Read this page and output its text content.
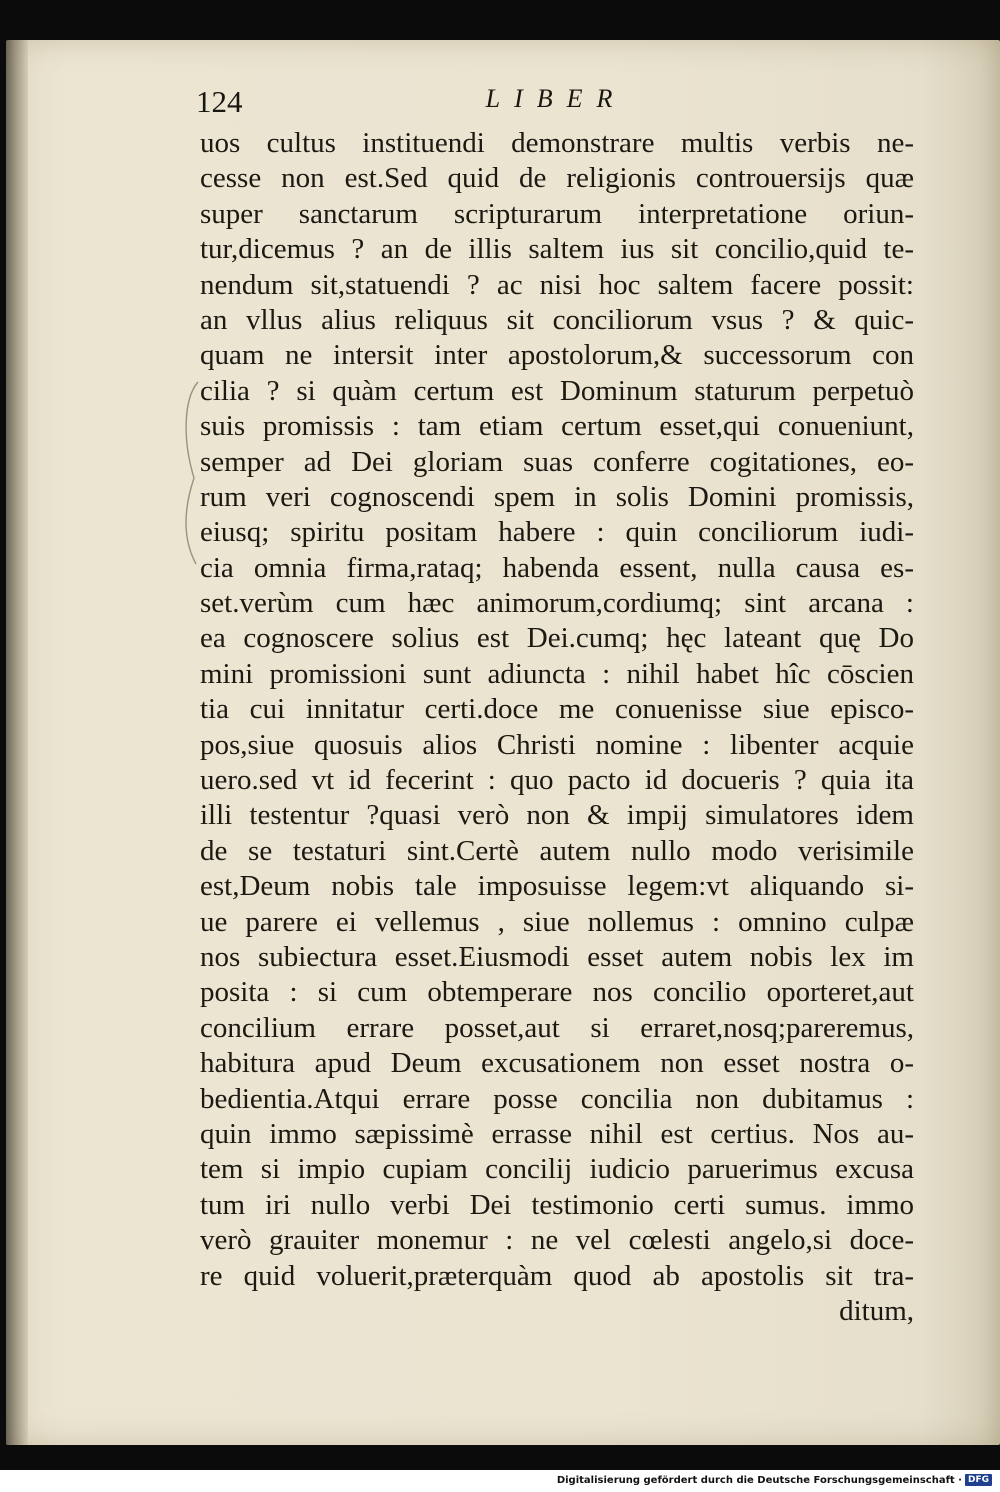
124	LIBER
uos cultus instituendi demonstrare multis verbis ne-
cesse non est.Sed quid de religionis controuersijs quæ
super sanctarum scripturarum interpretatione oriun-
tur,dicemus ? an de illis saltem ius sit concilio,quid te-
nendum sit,statuendi ? ac nisi hoc saltem facere possit:
an vllus alius reliquus sit conciliorum vsus ? & quic-
quam ne intersit inter apostolorum,& successorum con
cilia ? si quàm certum est Dominum staturum perpetuò
suis promissis : tam etiam certum esset,qui conueniunt,
semper ad Dei gloriam suas conferre cogitationes, eo-
rum veri cognoscendi spem in solis Domini promissis,
eiusq; spiritu positam habere : quin conciliorum iudi-
cia omnia firma,rataq; habenda essent, nulla causa es-
set.verùm cum hæc animorum,cordiumq; sint arcana :
ea cognoscere solius est Dei.cumq; hęc lateant quę Do
mini promissioni sunt adiuncta : nihil habet hîc cōscien
tia cui innitatur certi.doce me conuenisse siue episco-
pos,siue quosuis alios Christi nomine : libenter acquie
uero.sed vt id fecerint : quo pacto id docueris ? quia ita
illi testentur ?quasi verò non & impij simulatores idem
de se testaturi sint.Certè autem nullo modo verisimile
est,Deum nobis tale imposuisse legem:vt aliquando si-
ue parere ei vellemus , siue nollemus : omnino culpæ
nos subiectura esset.Eiusmodi esset autem nobis lex im
posita : si cum obtemperare nos concilio oporteret,aut
concilium errare posset,aut si erraret,nosq;pareremus,
habitura apud Deum excusationem non esset nostra o-
bedientia.Atqui errare posse concilia non dubitamus :
quin immo sæpissimè errasse nihil est certius. Nos au-
tem si impio cupiam concilij iudicio paruerimus excusa
tum iri nullo verbi Dei testimonio certi sumus. immo
verò grauiter monemur : ne vel cœlesti angelo,si doce-
re quid voluerit,præterquàm quod ab apostolis sit tra-
ditum,
Digitalisierung gefördert durch die Deutsche Forschungsgemeinschaft · DFG
